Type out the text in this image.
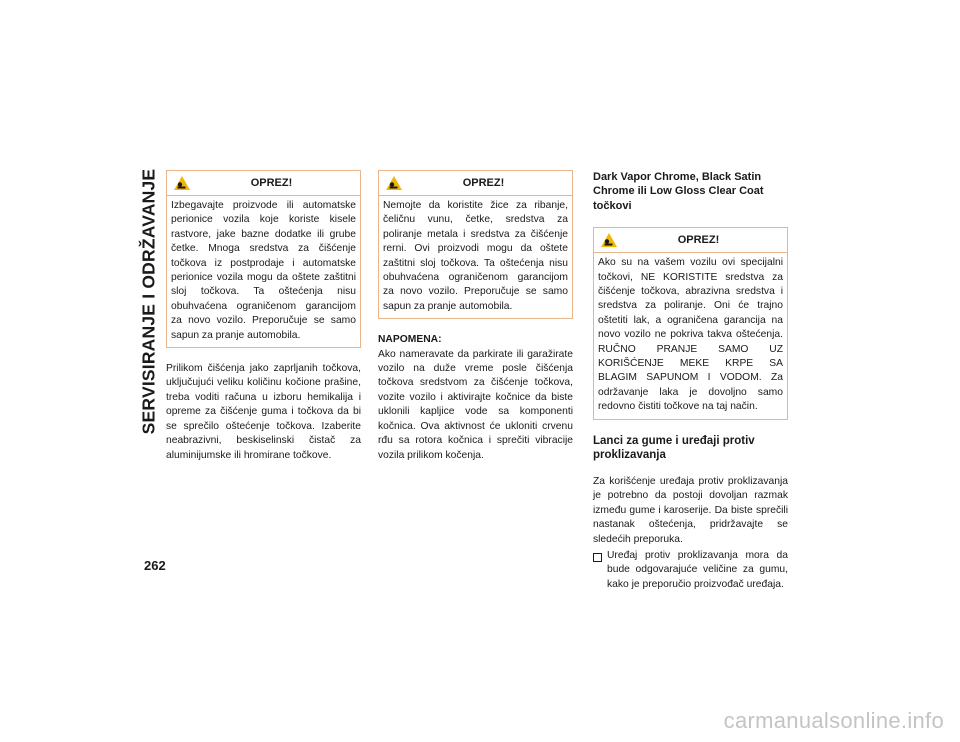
SERVISIRANJE I ODRŽAVANJE
262
OPREZ!
Izbegavajte proizvode ili automatske perionice vozila koje koriste kisele rastvore, jake bazne dodatke ili grube četke. Mnoga sredstva za čišćenje točkova iz postprodaje i automatske perionice vozila mogu da oštete zaštitni sloj točkova. Ta oštećenja nisu obuhvaćena ograničenom garancijom za novo vozilo. Preporučuje se samo sapun za pranje automobila.

Prilikom čišćenja jako zaprljanih točkova, uključujući veliku količinu kočione prašine, treba voditi računa u izboru hemikalija i opreme za čišćenje guma i točkova da bi se sprečilo oštećenje točkova. Izaberite neabrazivni, beskiselinski čistač za aluminijumske ili hromirane točkove.

OPREZ!
Nemojte da koristite žice za ribanje, čeličnu vunu, četke, sredstva za poliranje metala i sredstva za čišćenje rerni. Ovi proizvodi mogu da oštete zaštitni sloj točkova. Ta oštećenja nisu obuhvaćena ograničenom garancijom za novo vozilo. Preporučuje se samo sapun za pranje automobila.
NAPOMENA:

Ako nameravate da parkirate ili garažirate vozilo na duže vreme posle čišćenja točkova sredstvom za čišćenje točkova, vozite vozilo i aktivirajte kočnice da biste uklonili kapljice vode sa komponenti kočnica. Ova aktivnost će ukloniti crvenu rđu sa rotora kočnica i sprečiti vibracije vozila prilikom kočenja.

Dark Vapor Chrome, Black Satin Chrome ili Low Gloss Clear Coat točkovi
OPREZ!
Ako su na vašem vozilu ovi specijalni točkovi, NE KORISTITE sredstva za čišćenje točkova, abrazivna sredstva i sredstva za poliranje. Oni će trajno oštetiti lak, a ograničena garancija na novo vozilo ne pokriva takva oštećenja. RUČNO PRANJE SAMO UZ KORIŠĆENJE MEKE KRPE SA BLAGIM SAPUNOM I VODOM. Za održavanje laka je dovoljno samo redovno čistiti točkove na taj način.
Lanci za gume i uređaji protiv proklizavanja

Za korišćenje uređaja protiv proklizavanja je potrebno da postoji dovoljan razmak između gume i karoserije. Da biste sprečili nastanak oštećenja, pridržavajte se sledećih preporuka.

Uređaj protiv proklizavanja mora da bude odgovarajuće veličine za gumu, kako je preporučio proizvođač uređaja.
carmanualsonline.info
